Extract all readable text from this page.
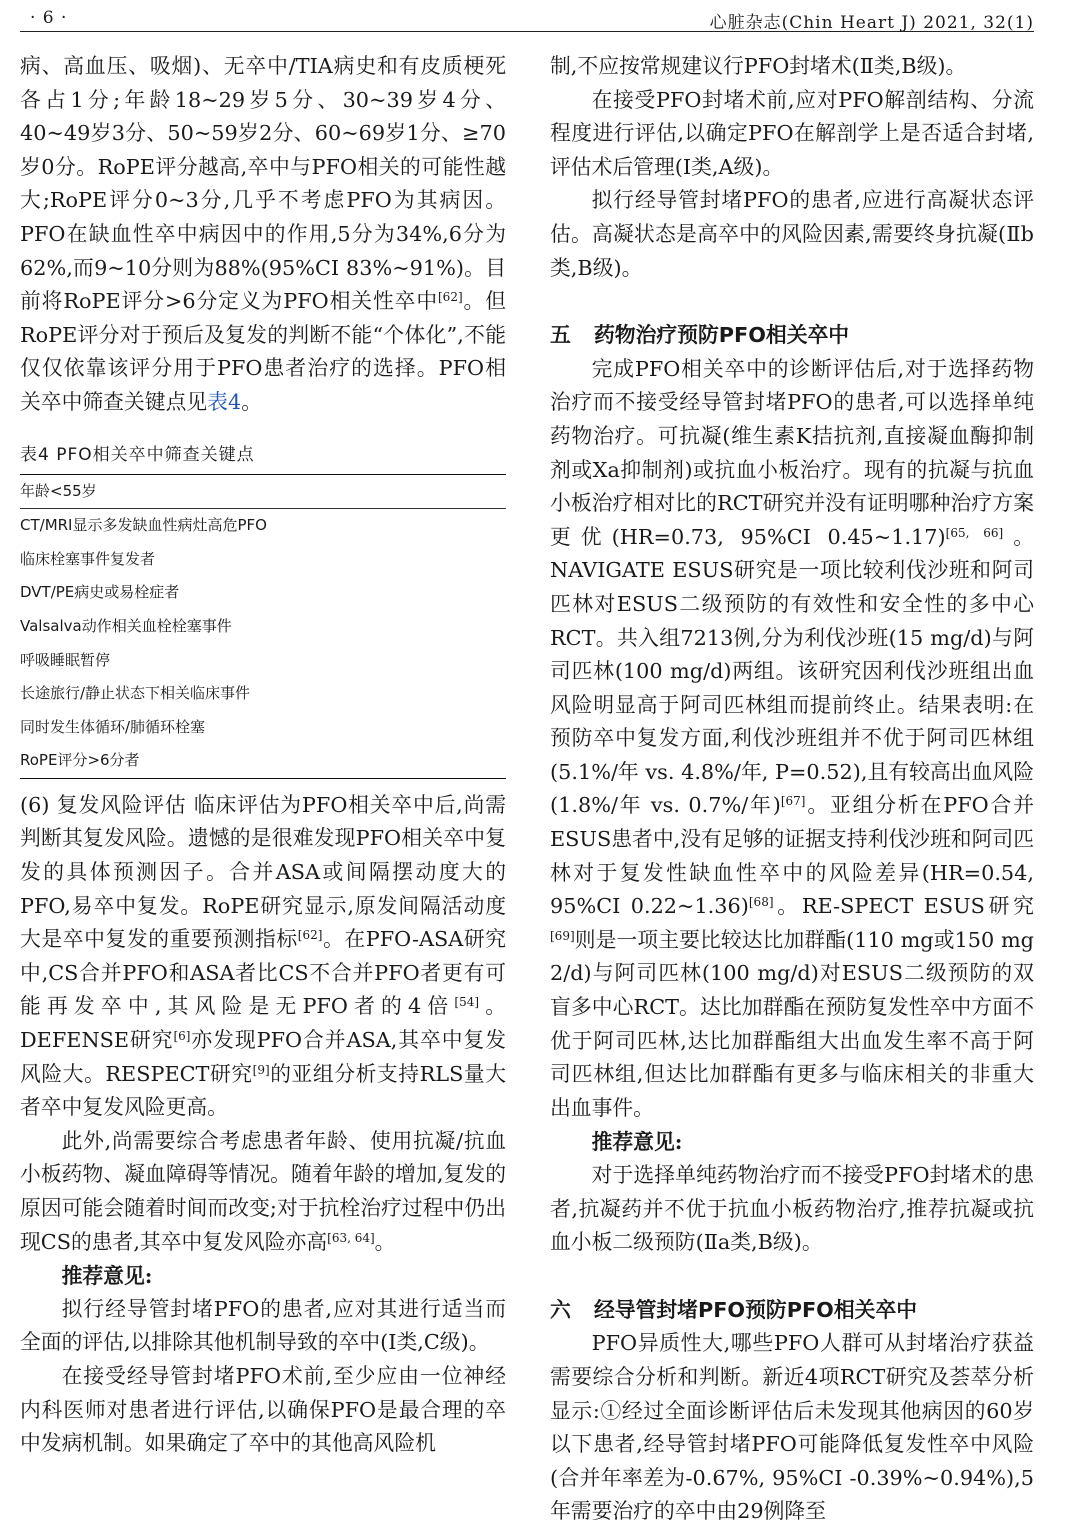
· 6 ·	心脏杂志(Chin Heart J) 2021, 32(1)

病、高血压、吸烟)、无卒中/TIA病史和有皮质梗死各占1分;年龄18~29岁5分、30~39岁4分、40~49岁3分、50~59岁2分、60~69岁1分、≥70岁0分。RoPE评分越高,卒中与PFO相关的可能性越大;RoPE评分0~3分,几乎不考虑PFO为其病因。PFO在缺血性卒中病因中的作用,5分为34%,6分为62%,而9~10分则为88%(95%CI 83%~91%)。目前将RoPE评分>6分定义为PFO相关性卒中[62]。但RoPE评分对于预后及复发的判断不能“个体化”,不能仅仅依靠该评分用于PFO患者治疗的选择。PFO相关卒中筛查关键点见表4。

表4 PFO相关卒中筛查关键点
年龄<55岁
CT/MRI显示多发缺血性病灶高危PFO
临床栓塞事件复发者
DVT/PE病史或易栓症者
Valsalva动作相关血栓栓塞事件
呼吸睡眠暂停
长途旅行/静止状态下相关临床事件
同时发生体循环/肺循环栓塞
RoPE评分>6分者

(6) 复发风险评估 临床评估为PFO相关卒中后,尚需判断其复发风险。遗憾的是很难发现PFO相关卒中复发的具体预测因子。合并ASA或间隔摆动度大的PFO,易卒中复发。RoPE研究显示,原发间隔活动度大是卒中复发的重要预测指标[62]。在PFO-ASA研究中,CS合并PFO和ASA者比CS不合并PFO者更有可能再发卒中,其风险是无PFO者的4倍[54]。DEFENSE研究[6]亦发现PFO合并ASA,其卒中复发风险大。RESPECT研究[9]的亚组分析支持RLS量大者卒中复发风险更高。

此外,尚需要综合考虑患者年龄、使用抗凝/抗血小板药物、凝血障碍等情况。随着年龄的增加,复发的原因可能会随着时间而改变;对于抗栓治疗过程中仍出现CS的患者,其卒中复发风险亦高[63, 64]。

推荐意见:

拟行经导管封堵PFO的患者,应对其进行适当而全面的评估,以排除其他机制导致的卒中(Ⅰ类,C级)。

在接受经导管封堵PFO术前,至少应由一位神经内科医师对患者进行评估,以确保PFO是最合理的卒中发病机制。如果确定了卒中的其他高风险机

制,不应按常规建议行PFO封堵术(Ⅱ类,B级)。

在接受PFO封堵术前,应对PFO解剖结构、分流程度进行评估,以确定PFO在解剖学上是否适合封堵,评估术后管理(Ⅰ类,A级)。

拟行经导管封堵PFO的患者,应进行高凝状态评估。高凝状态是高卒中的风险因素,需要终身抗凝(Ⅱb类,B级)。

五 药物治疗预防PFO相关卒中

完成PFO相关卒中的诊断评估后,对于选择药物治疗而不接受经导管封堵PFO的患者,可以选择单纯药物治疗。可抗凝(维生素K拮抗剂,直接凝血酶抑制剂或Xa抑制剂)或抗血小板治疗。现有的抗凝与抗血小板治疗相对比的RCT研究并没有证明哪种治疗方案更优(HR=0.73, 95%CI 0.45~1.17)[65, 66]。NAVIGATE ESUS研究是一项比较利伐沙班和阿司匹林对ESUS二级预防的有效性和安全性的多中心RCT。共入组7213例,分为利伐沙班(15 mg/d)与阿司匹林(100 mg/d)两组。该研究因利伐沙班组出血风险明显高于阿司匹林组而提前终止。结果表明:在预防卒中复发方面,利伐沙班组并不优于阿司匹林组(5.1%/年 vs. 4.8%/年, P=0.52),且有较高出血风险(1.8%/年 vs. 0.7%/年)[67]。亚组分析在PFO合并ESUS患者中,没有足够的证据支持利伐沙班和阿司匹林对于复发性缺血性卒中的风险差异(HR=0.54, 95%CI 0.22~1.36)[68]。RE-SPECT ESUS研究[69]则是一项主要比较达比加群酯(110 mg或150 mg 2/d)与阿司匹林(100 mg/d)对ESUS二级预防的双盲多中心RCT。达比加群酯在预防复发性卒中方面不优于阿司匹林,达比加群酯组大出血发生率不高于阿司匹林组,但达比加群酯有更多与临床相关的非重大出血事件。

推荐意见:

对于选择单纯药物治疗而不接受PFO封堵术的患者,抗凝药并不优于抗血小板药物治疗,推荐抗凝或抗血小板二级预防(Ⅱa类,B级)。

六 经导管封堵PFO预防PFO相关卒中

PFO异质性大,哪些PFO人群可从封堵治疗获益需要综合分析和判断。新近4项RCT研究及荟萃分析显示:①经过全面诊断评估后未发现其他病因的60岁以下患者,经导管封堵PFO可能降低复发性卒中风险(合并年率差为-0.67%, 95%CI -0.39%~0.94%),5年需要治疗的卒中由29例降至
